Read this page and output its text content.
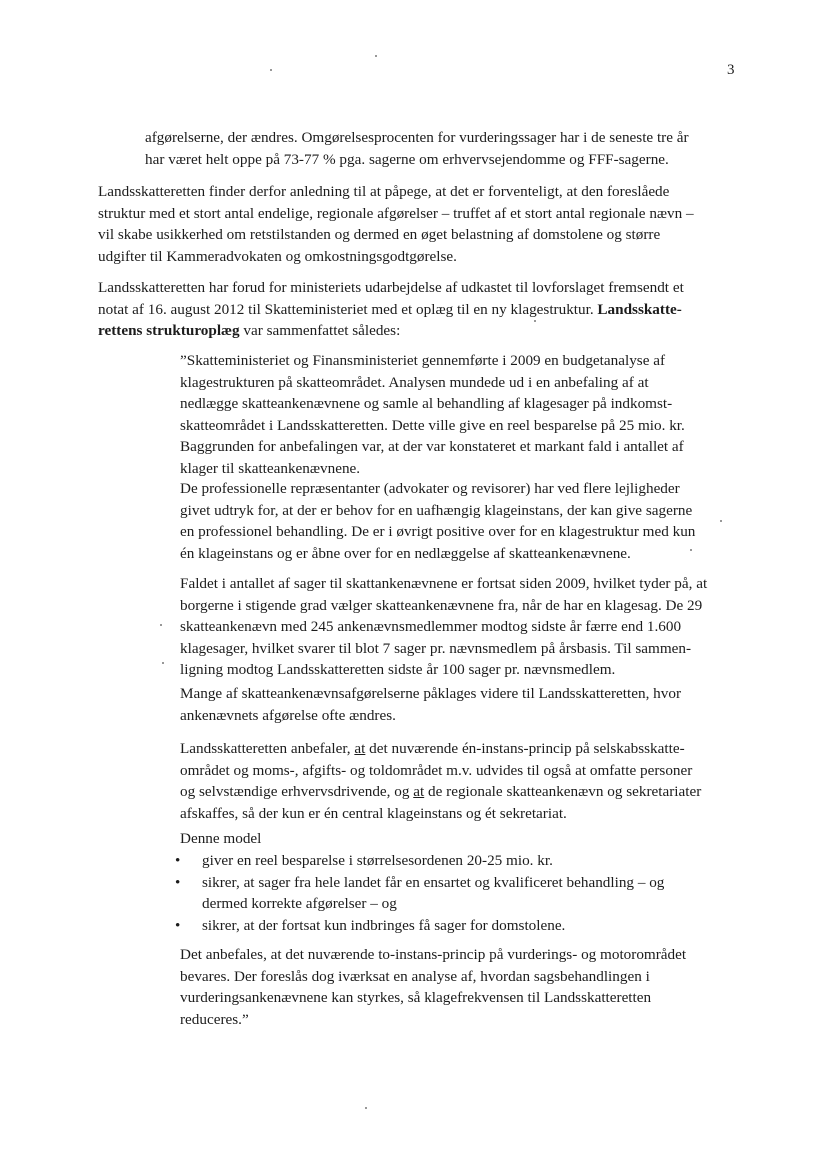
3
afgørelserne, der ændres. Omgørelsesprocenten for vurderingssager har i de seneste tre år
har været helt oppe på 73-77 % pga. sagerne om erhvervsejendomme og FFF-sagerne.
Landsskatteretten finder derfor anledning til at påpege, at det er forventeligt, at den foreslåede
struktur med et stort antal endelige, regionale afgørelser – truffet af et stort antal regionale nævn –
vil skabe usikkerhed om retstilstanden og dermed en øget belastning af domstolene og større
udgifter til Kammeradvokaten og omkostningsgodtgørelse.
Landsskatteretten har forud for ministeriets udarbejdelse af udkastet til lovforslaget fremsendt et
notat af 16. august 2012 til Skatteministeriet med et oplæg til en ny klagestruktur. Landsskatte-
rettens strukturoplæg var sammenfattet således:
”Skatteministeriet og Finansministeriet gennemførte i 2009 en budgetanalyse af
klagestrukturen på skatteområdet. Analysen mundede ud i en anbefaling af at
nedlægge skatteankenævnene og samle al behandling af klagesager på indkomst-
skatteområdet i Landsskatteretten. Dette ville give en reel besparelse på 25 mio. kr.
Baggrunden for anbefalingen var, at der var konstateret et markant fald i antallet af
klager til skatteankenævnene.
De professionelle repræsentanter (advokater og revisorer) har ved flere lejligheder
givet udtryk for, at der er behov for en uafhængig klageinstans, der kan give sagerne
en professionel behandling. De er i øvrigt positive over for en klagestruktur med kun
én klageinstans og er åbne over for en nedlæggelse af skatteankenævnene.
Faldet i antallet af sager til skattankenævnene er fortsat siden 2009, hvilket tyder på, at
borgerne i stigende grad vælger skatteankenævnene fra, når de har en klagesag. De 29
skatteankenævn med 245 ankenævnsmedlemmer modtog sidste år færre end 1.600
klagesager, hvilket svarer til blot 7 sager pr. nævnsmedlem på årsbasis. Til sammen-
ligning modtog Landsskatteretten sidste år 100 sager pr. nævnsmedlem.
Mange af skatteankenævnsafgørelserne påklages videre til Landsskatteretten, hvor
ankenævnets afgørelse ofte ændres.
Landsskatteretten anbefaler, at det nuværende én-instans-princip på selskabsskatte-
området og moms-, afgifts- og toldområdet m.v. udvides til også at omfatte personer
og selvstændige erhvervsdrivende, og at de regionale skatteankenævn og sekretariater
afskaffes, så der kun er én central klageinstans og ét sekretariat.
Denne model
•	giver en reel besparelse i størrelsesordenen 20-25 mio. kr.
•	sikrer, at sager fra hele landet får en ensartet og kvalificeret behandling – og
dermed korrekte afgørelser – og
•	sikrer, at der fortsat kun indbringes få sager for domstolene.
Det anbefales, at det nuværende to-instans-princip på vurderings- og motorområdet
bevares. Der foreslås dog iværksat en analyse af, hvordan sagsbehandlingen i
vurderingsankenævnene kan styrkes, så klagefrekvensen til Landsskatteretten
reduceres.”
